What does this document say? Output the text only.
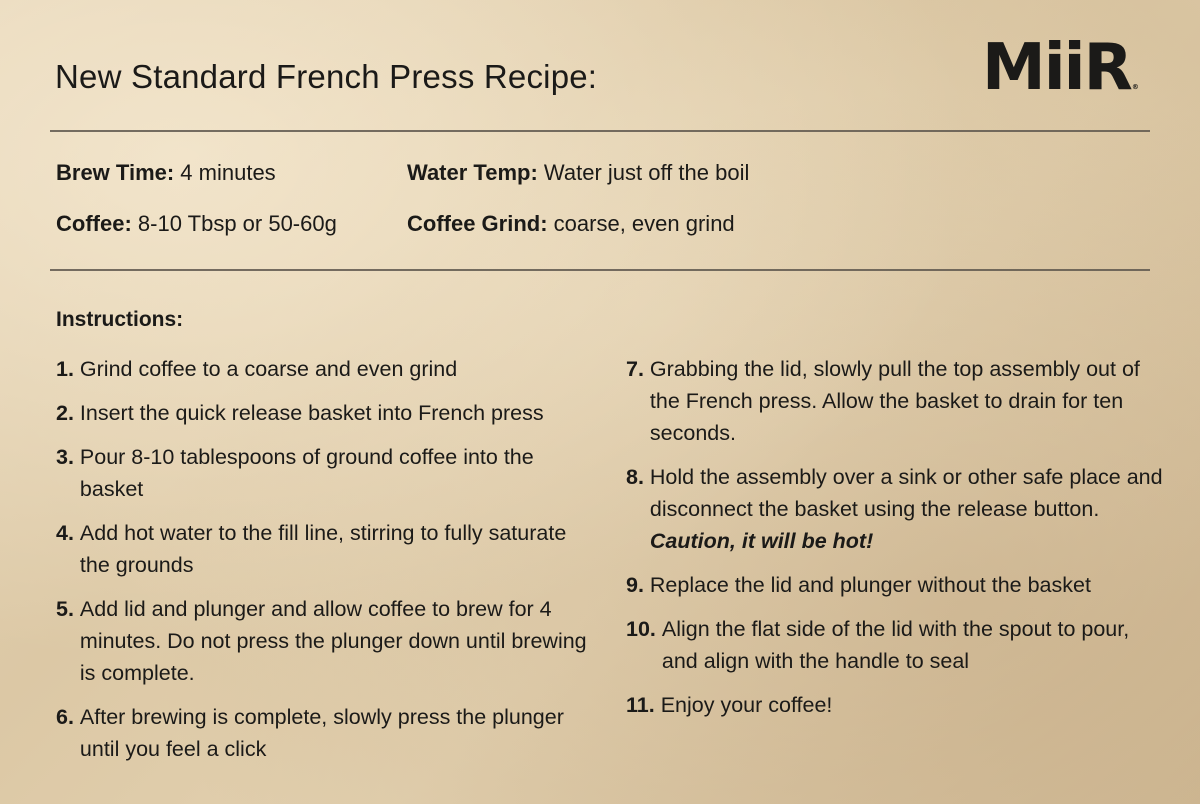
New Standard French Press Recipe:	MiiR®
Brew Time: 4 minutes
Coffee: 8-10 Tbsp or 50-60g
Water Temp: Water just off the boil
Coffee Grind: coarse, even grind
Instructions:
1. Grind coffee to a coarse and even grind
2. Insert the quick release basket into French press
3. Pour 8-10 tablespoons of ground coffee into the basket
4. Add hot water to the fill line, stirring to fully saturate the grounds
5. Add lid and plunger and allow coffee to brew for 4 minutes. Do not press the plunger down until brewing is complete.
6. After brewing is complete, slowly press the plunger until you feel a click
7. Grabbing the lid, slowly pull the top assembly out of the French press. Allow the basket to drain for ten seconds.
8. Hold the assembly over a sink or other safe place and disconnect the basket using the release button. Caution, it will be hot!
9. Replace the lid and plunger without the basket
10. Align the flat side of the lid with the spout to pour, and align with the handle to seal
11. Enjoy your coffee!
